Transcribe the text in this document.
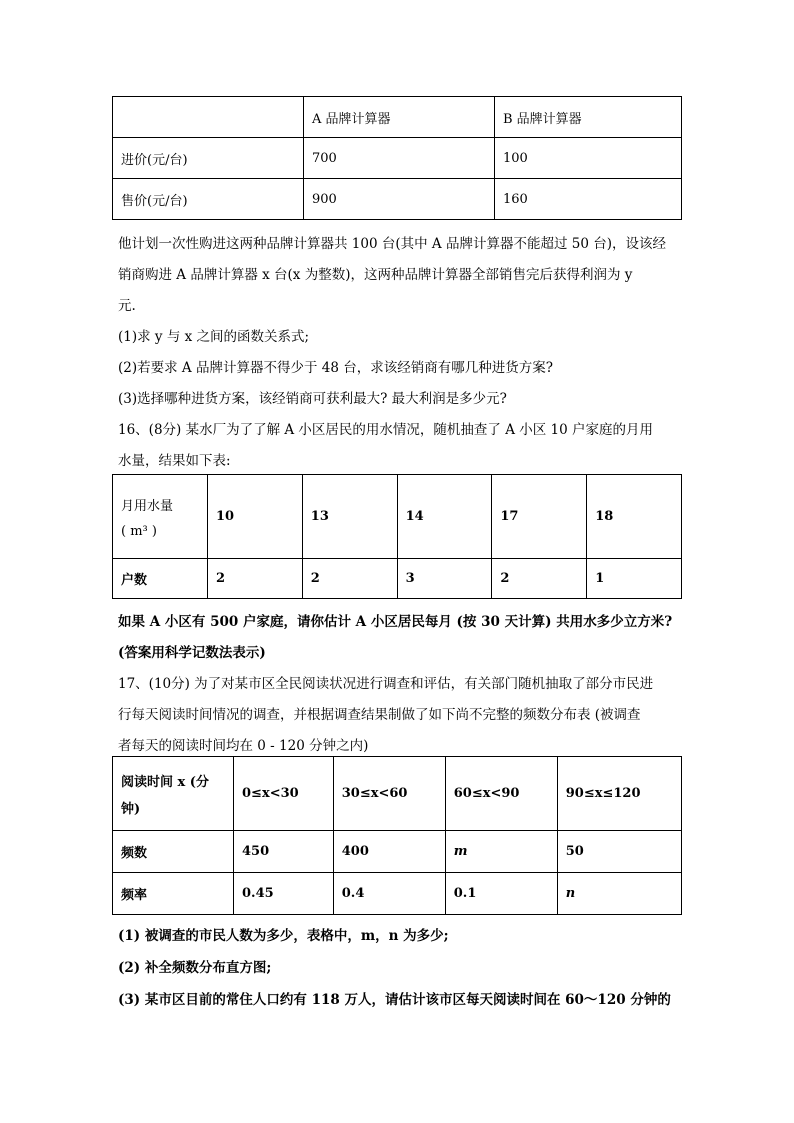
	A 品牌计算器	B 品牌计算器
进价(元/台)	700	100
售价(元/台)	900	160
他计划一次性购进这两种品牌计算器共 100 台(其中 A 品牌计算器不能超过 50 台)，设该经
销商购进 A 品牌计算器 x 台(x 为整数)，这两种品牌计算器全部销售完后获得利润为 y
元.
(1)求 y 与 x 之间的函数关系式;
(2)若要求 A 品牌计算器不得少于 48 台，求该经销商有哪几种进货方案?
(3)选择哪种进货方案，该经销商可获利最大? 最大利润是多少元?
16、(8分) 某水厂为了了解 A 小区居民的用水情况，随机抽查了 A 小区 10 户家庭的月用
水量，结果如下表:
月用水量
( m³ )	10	13	14	17	18
户数	2	2	3	2	1
如果 A 小区有 500 户家庭，请你估计 A 小区居民每月 (按 30 天计算) 共用水多少立方米?
(答案用科学记数法表示)
17、(10分) 为了对某市区全民阅读状况进行调查和评估，有关部门随机抽取了部分市民进
行每天阅读时间情况的调查，并根据调查结果制做了如下尚不完整的频数分布表 (被调查
者每天的阅读时间均在 0 - 120 分钟之内)
阅读时间 x (分
钟)	0≤x<30	30≤x<60	60≤x<90	90≤x≤120
频数	450	400	m	50
频率	0.45	0.4	0.1	n
(1) 被调查的市民人数为多少，表格中，m，n 为多少;
(2) 补全频数分布直方图;
(3) 某市区目前的常住人口约有 118 万人，请估计该市区每天阅读时间在 60～120 分钟的
